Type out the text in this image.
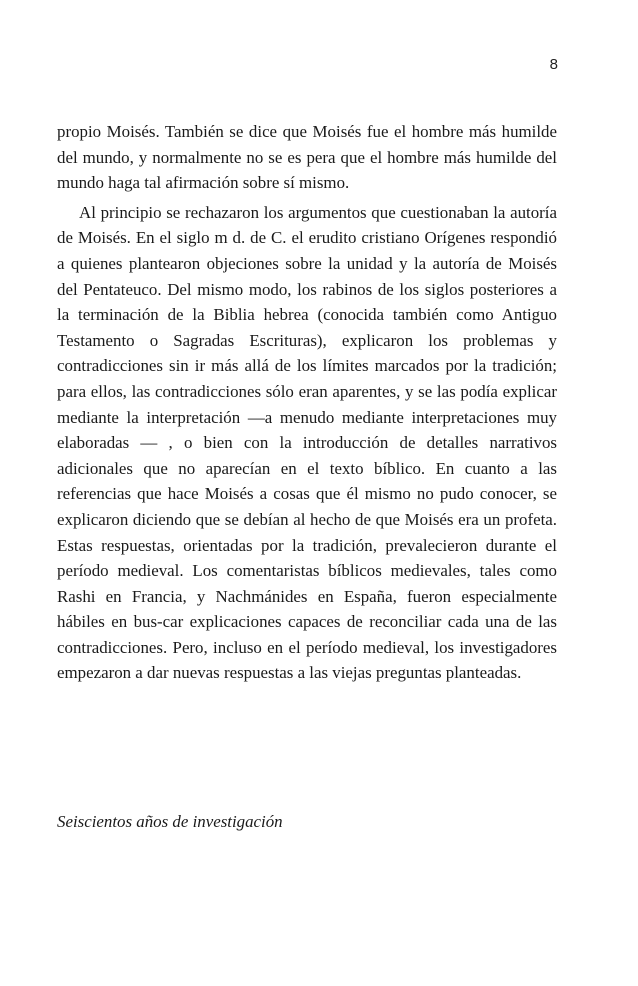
8

propio Moisés. También se dice que Moisés fue el hombre más humilde del mundo, y normalmente no se es pera que el hombre más humilde del mundo haga tal afirmación sobre sí mismo.

Al principio se rechazaron los argumentos que cuestionaban la autoría de Moisés. En el siglo m d. de C. el erudito cristiano Orígenes respondió a quienes plantearon objeciones sobre la unidad y la autoría de Moisés del Pentateuco. Del mismo modo, los rabinos de los siglos posteriores a la terminación de la Biblia hebrea (conocida también como Antiguo Testamento o Sagradas Escrituras), explicaron los problemas y contradicciones sin ir más allá de los límites marcados por la tradición; para ellos, las contradicciones sólo eran aparentes, y se las podía explicar mediante la interpretación —a menudo mediante interpretaciones muy elaboradas — , o bien con la introducción de detalles narrativos adicionales que no aparecían en el texto bíblico. En cuanto a las referencias que hace Moisés a cosas que él mismo no pudo conocer, se explicaron diciendo que se debían al hecho de que Moisés era un profeta. Estas respuestas, orientadas por la tradición, prevalecieron durante el período medieval. Los comentaristas bíblicos medievales, tales como Rashi en Francia, y Nachmánides en España, fueron especialmente hábiles en bus-car explicaciones capaces de reconciliar cada una de las contradicciones. Pero, incluso en el período medieval, los investigadores empezaron a dar nuevas respuestas a las viejas preguntas planteadas.

Seiscientos años de investigación
